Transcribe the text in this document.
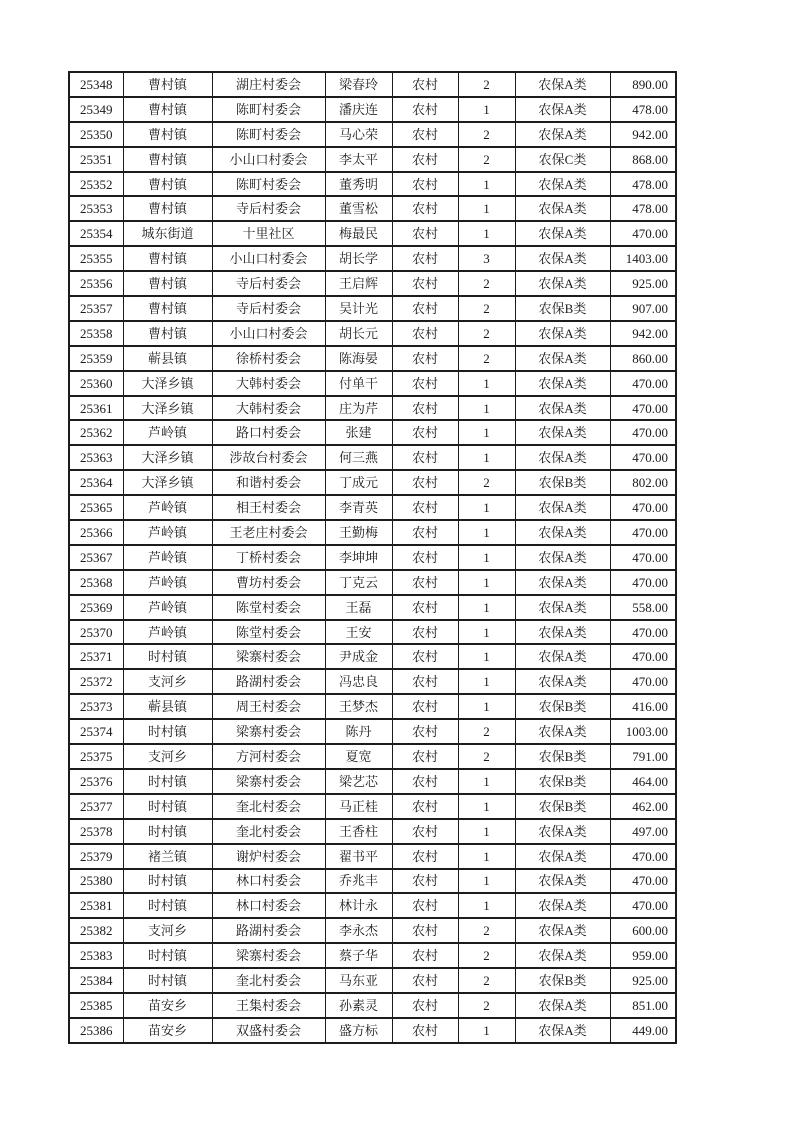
25348	曹村镇	湖庄村委会	梁春玲	农村	2	农保A类	890.00
25349	曹村镇	陈町村委会	潘庆连	农村	1	农保A类	478.00
25350	曹村镇	陈町村委会	马心荣	农村	2	农保A类	942.00
25351	曹村镇	小山口村委会	李太平	农村	2	农保C类	868.00
25352	曹村镇	陈町村委会	董秀明	农村	1	农保A类	478.00
25353	曹村镇	寺后村委会	董雪松	农村	1	农保A类	478.00
25354	城东街道	十里社区	梅最民	农村	1	农保A类	470.00
25355	曹村镇	小山口村委会	胡长学	农村	3	农保A类	1403.00
25356	曹村镇	寺后村委会	王启辉	农村	2	农保A类	925.00
25357	曹村镇	寺后村委会	吴计光	农村	2	农保B类	907.00
25358	曹村镇	小山口村委会	胡长元	农村	2	农保A类	942.00
25359	蕲县镇	徐桥村委会	陈海晏	农村	2	农保A类	860.00
25360	大泽乡镇	大韩村委会	付单干	农村	1	农保A类	470.00
25361	大泽乡镇	大韩村委会	庄为芹	农村	1	农保A类	470.00
25362	芦岭镇	路口村委会	张建	农村	1	农保A类	470.00
25363	大泽乡镇	涉故台村委会	何三燕	农村	1	农保A类	470.00
25364	大泽乡镇	和谐村委会	丁成元	农村	2	农保B类	802.00
25365	芦岭镇	相王村委会	李青英	农村	1	农保A类	470.00
25366	芦岭镇	王老庄村委会	王勤梅	农村	1	农保A类	470.00
25367	芦岭镇	丁桥村委会	李坤坤	农村	1	农保A类	470.00
25368	芦岭镇	曹坊村委会	丁克云	农村	1	农保A类	470.00
25369	芦岭镇	陈堂村委会	王磊	农村	1	农保A类	558.00
25370	芦岭镇	陈堂村委会	王安	农村	1	农保A类	470.00
25371	时村镇	梁寨村委会	尹成金	农村	1	农保A类	470.00
25372	支河乡	路湖村委会	冯忠良	农村	1	农保A类	470.00
25373	蕲县镇	周王村委会	王梦杰	农村	1	农保B类	416.00
25374	时村镇	梁寨村委会	陈丹	农村	2	农保A类	1003.00
25375	支河乡	方河村委会	夏宽	农村	2	农保B类	791.00
25376	时村镇	梁寨村委会	梁艺芯	农村	1	农保B类	464.00
25377	时村镇	奎北村委会	马正桂	农村	1	农保B类	462.00
25378	时村镇	奎北村委会	王香柱	农村	1	农保A类	497.00
25379	褚兰镇	谢炉村委会	翟书平	农村	1	农保A类	470.00
25380	时村镇	林口村委会	乔兆丰	农村	1	农保A类	470.00
25381	时村镇	林口村委会	林计永	农村	1	农保A类	470.00
25382	支河乡	路湖村委会	李永杰	农村	2	农保A类	600.00
25383	时村镇	梁寨村委会	蔡子华	农村	2	农保A类	959.00
25384	时村镇	奎北村委会	马东亚	农村	2	农保B类	925.00
25385	苗安乡	王集村委会	孙素灵	农村	2	农保A类	851.00
25386	苗安乡	双盛村委会	盛方标	农村	1	农保A类	449.00
